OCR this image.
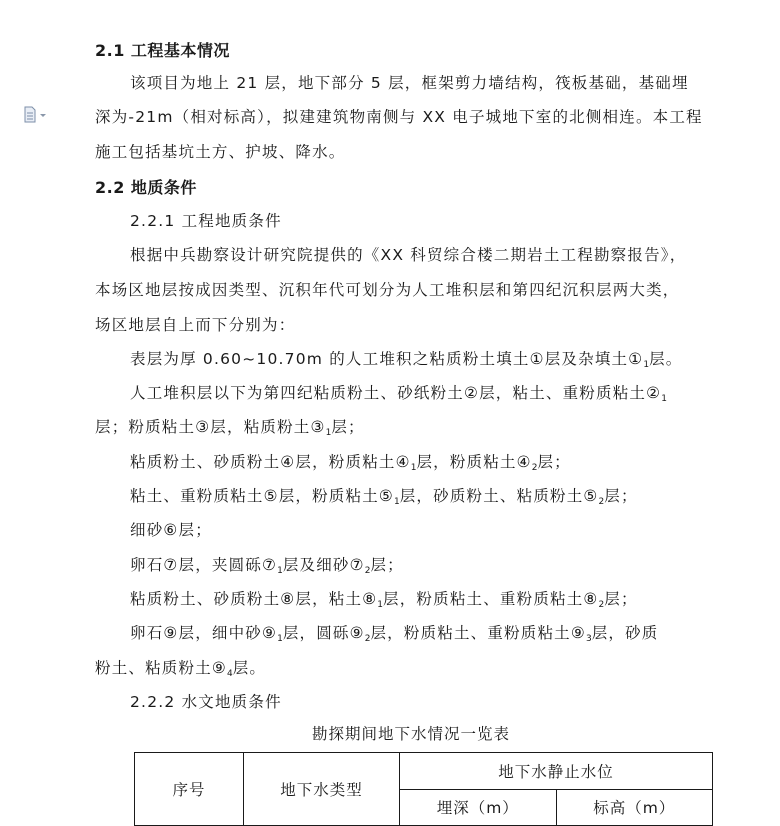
2.1 工程基本情况
该项目为地上 21 层，地下部分 5 层，框架剪力墙结构，筏板基础，基础埋
深为-21m（相对标高），拟建建筑物南侧与 XX 电子城地下室的北侧相连。本工程
施工包括基坑土方、护坡、降水。
2.2 地质条件
2.2.1 工程地质条件
根据中兵勘察设计研究院提供的《XX 科贸综合楼二期岩土工程勘察报告》，
本场区地层按成因类型、沉积年代可划分为人工堆积层和第四纪沉积层两大类，
场区地层自上而下分别为：
表层为厚 0.60~10.70m 的人工堆积之粘质粉土填土①层及杂填土①1层。
人工堆积层以下为第四纪粘质粉土、砂纸粉土②层，粘土、重粉质粘土②1
层；粉质粘土③层，粘质粉土③1层；
粘质粉土、砂质粉土④层，粉质粘土④1层，粉质粘土④2层；
粘土、重粉质粘土⑤层，粉质粘土⑤1层，砂质粉土、粘质粉土⑤2层；
细砂⑥层；
卵石⑦层，夹圆砾⑦1层及细砂⑦2层；
粘质粉土、砂质粉土⑧层，粘土⑧1层，粉质粘土、重粉质粘土⑧2层；
卵石⑨层，细中砂⑨1层，圆砾⑨2层，粉质粘土、重粉质粘土⑨3层，砂质
粉土、粘质粉土⑨4层。
2.2.2 水文地质条件
勘探期间地下水情况一览表
序号	地下水类型	地下水静止水位	
		埋深（m）	标高（m）
